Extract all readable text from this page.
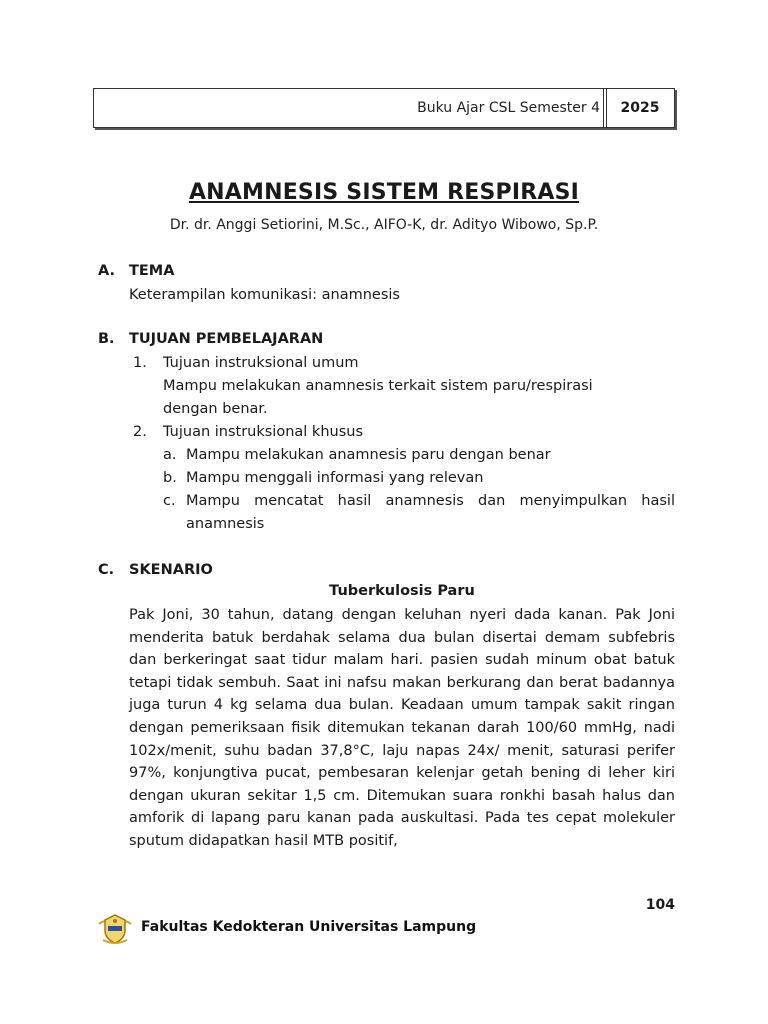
Buku Ajar CSL Semester 4	2025
ANAMNESIS SISTEM RESPIRASI
Dr. dr. Anggi Setiorini, M.Sc., AIFO-K, dr. Adityo Wibowo, Sp.P.
A. TEMA
Keterampilan komunikasi: anamnesis
B. TUJUAN PEMBELAJARAN
1. Tujuan instruksional umum
Mampu melakukan anamnesis terkait sistem paru/respirasi
dengan benar.
2. Tujuan instruksional khusus
a. Mampu melakukan anamnesis paru dengan benar
b. Mampu menggali informasi yang relevan
c. Mampu mencatat hasil anamnesis dan menyimpulkan hasil
anamnesis
C. SKENARIO
Tuberkulosis Paru

Pak Joni, 30 tahun, datang dengan keluhan nyeri dada kanan. Pak Joni menderita batuk berdahak selama dua bulan disertai demam subfebris dan berkeringat saat tidur malam hari. pasien sudah minum obat batuk tetapi tidak sembuh. Saat ini nafsu makan berkurang dan berat badannya juga turun 4 kg selama dua bulan. Keadaan umum tampak sakit ringan dengan pemeriksaan fisik ditemukan tekanan darah 100/60 mmHg, nadi 102x/menit, suhu badan 37,8°C, laju napas 24x/ menit, saturasi perifer 97%, konjungtiva pucat, pembesaran kelenjar getah bening di leher kiri dengan ukuran sekitar 1,5 cm. Ditemukan suara ronkhi basah halus dan amforik di lapang paru kanan pada auskultasi. Pada tes cepat molekuler sputum didapatkan hasil MTB positif,

104
Fakultas Kedokteran Universitas Lampung
